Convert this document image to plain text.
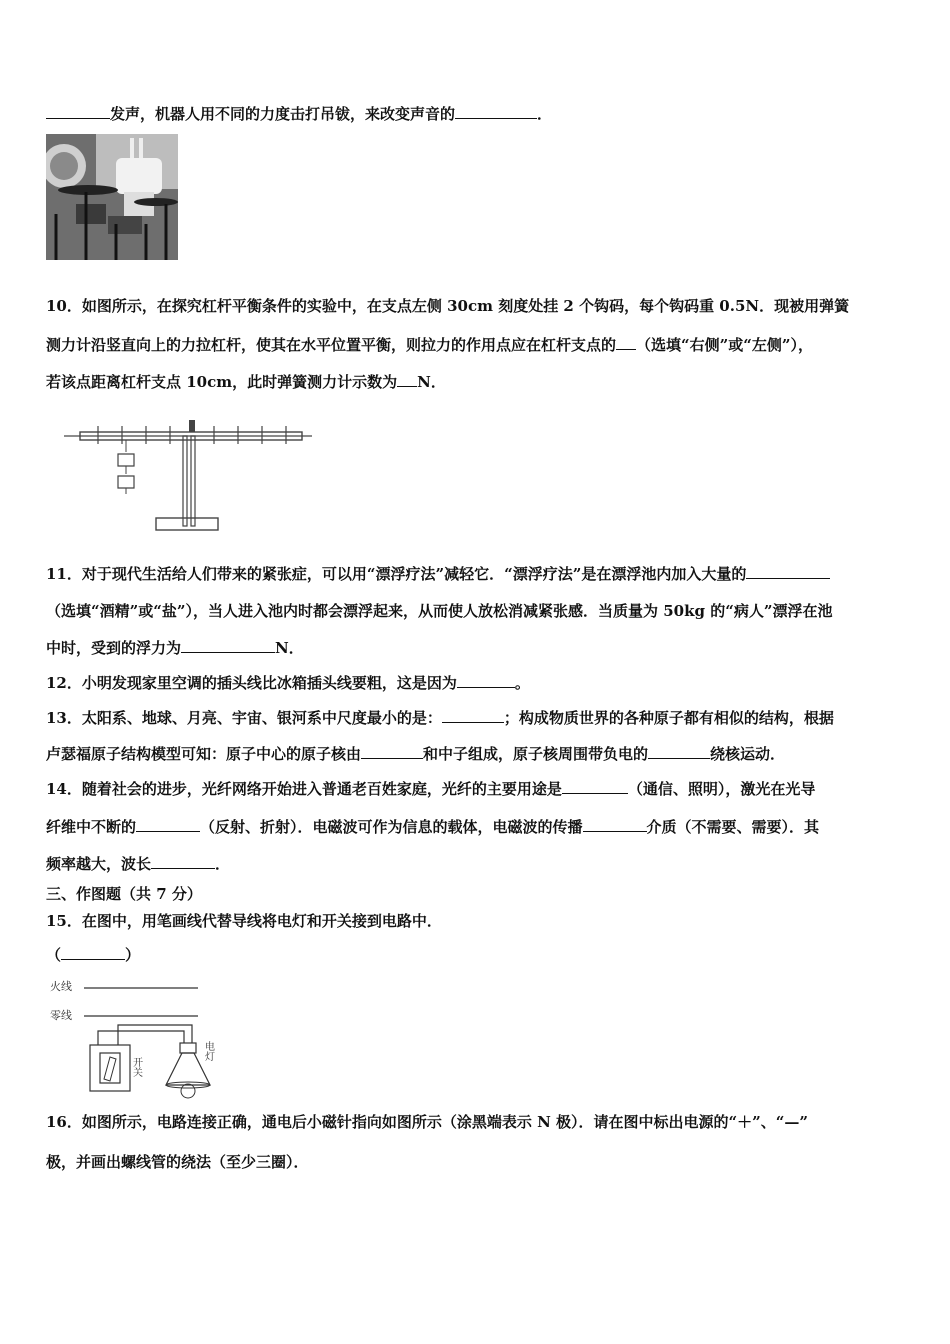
发声，机器人用不同的力度击打吊钹，来改变声音的	．
10．如图所示，在探究杠杆平衡条件的实验中，在支点左侧 30cm 刻度处挂 2 个钩码，每个钩码重 0.5N．现被用弹簧
测力计沿竖直向上的力拉杠杆，使其在水平位置平衡，则拉力的作用点应在杠杆支点的 （选填“右侧”或“左侧”），
若该点距离杠杆支点 10cm，此时弹簧测力计示数为 N．
11．对于现代生活给人们带来的紧张症，可以用“漂浮疗法”减轻它．“漂浮疗法”是在漂浮池内加入大量的
（选填“酒精”或“盐”），当人进入池内时都会漂浮起来，从而使人放松消减紧张感．当质量为 50kg 的“病人”漂浮在池
中时，受到的浮力为	N．
12．小明发现家里空调的插头线比冰箱插头线要粗，这是因为	。
13．太阳系、地球、月亮、宇宙、银河系中尺度最小的是：	；构成物质世界的各种原子都有相似的结构，根据
卢瑟福原子结构模型可知：原子中心的原子核由	和中子组成，原子核周围带负电的	绕核运动．
14．随着社会的进步，光纤网络开始进入普通老百姓家庭，光纤的主要用途是	（通信、照明），激光在光导
纤维中不断的	（反射、折射）．电磁波可作为信息的载体，电磁波的传播	介质（不需要、需要）．其
频率越大，波长	．
三、作图题（共 7 分）
15．在图中，用笔画线代替导线将电灯和开关接到电路中．
（	）
火线
零线
开关
电灯
16．如图所示，电路连接正确，通电后小磁针指向如图所示（涂黑端表示 N 极）．请在图中标出电源的“＋”、“—”
极，并画出螺线管的绕法（至少三圈）．
